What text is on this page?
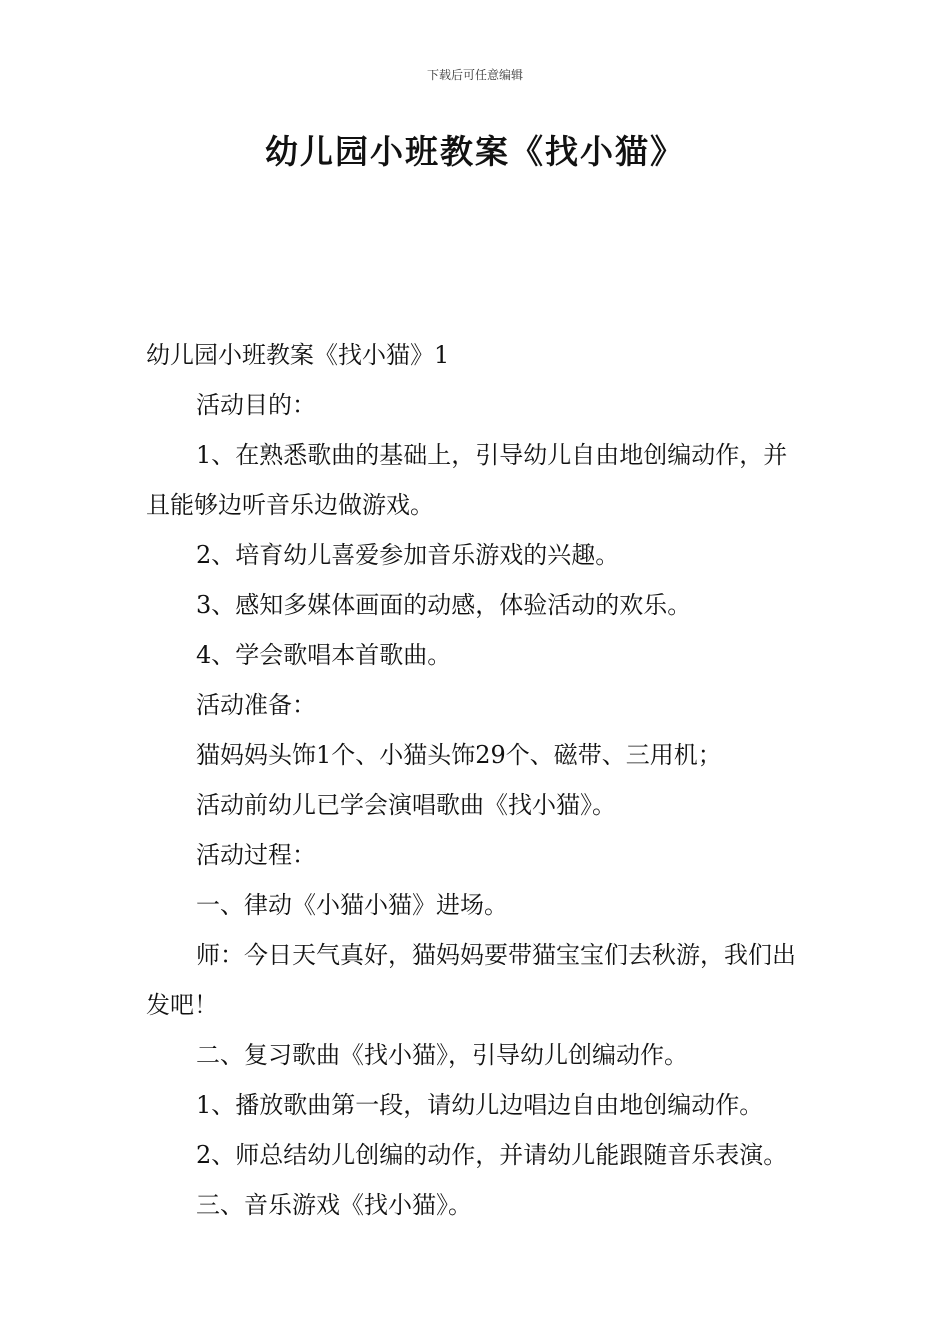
下载后可任意编辑
幼儿园小班教案《找小猫》

幼儿园小班教案《找小猫》1

活动目的：

1、在熟悉歌曲的基础上，引导幼儿自由地创编动作，并且能够边听音乐边做游戏。

2、培育幼儿喜爱参加音乐游戏的兴趣。

3、感知多媒体画面的动感，体验活动的欢乐。

4、学会歌唱本首歌曲。

活动准备：

猫妈妈头饰1个、小猫头饰29个、磁带、三用机；

活动前幼儿已学会演唱歌曲《找小猫》。

活动过程：

一、律动《小猫小猫》进场。

师：今日天气真好，猫妈妈要带猫宝宝们去秋游，我们出发吧！

二、复习歌曲《找小猫》，引导幼儿创编动作。

1、播放歌曲第一段，请幼儿边唱边自由地创编动作。

2、师总结幼儿创编的动作，并请幼儿能跟随音乐表演。

三、音乐游戏《找小猫》。
